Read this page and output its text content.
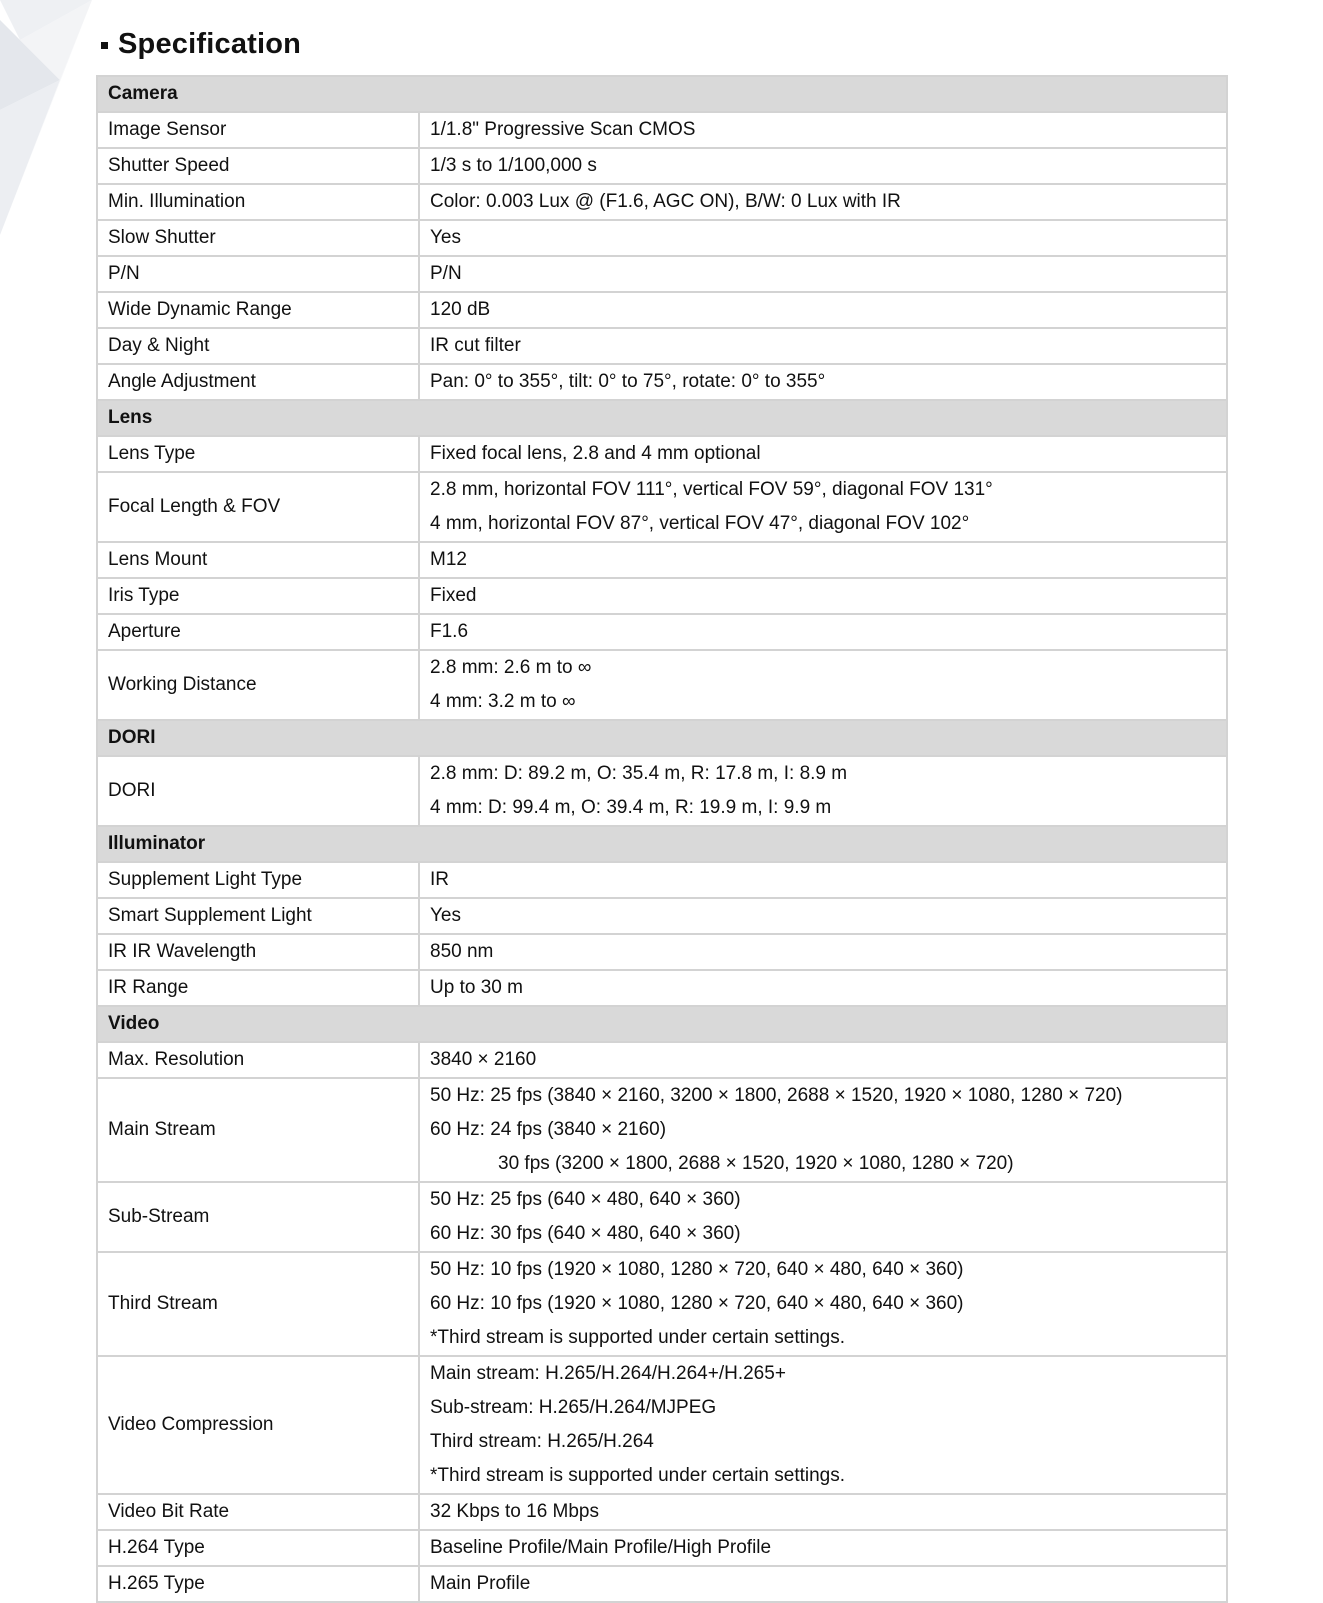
Specification
Camera	
Image Sensor	1/1.8" Progressive Scan CMOS

Shutter Speed	1/3 s to 1/100,000 s

Min. Illumination	Color: 0.003 Lux @ (F1.6, AGC ON), B/W: 0 Lux with IR

Slow Shutter	Yes

P/N	P/N

Wide Dynamic Range	120 dB

Day & Night	IR cut filter

Angle Adjustment	Pan: 0° to 355°, tilt: 0° to 75°, rotate: 0° to 355°

Lens	
Lens Type	Fixed focal lens, 2.8 and 4 mm optional

Focal Length & FOV	2.8 mm, horizontal FOV 111°, vertical FOV 59°, diagonal FOV 131°
4 mm, horizontal FOV 87°, vertical FOV 47°, diagonal FOV 102°

Lens Mount	M12

Iris Type	Fixed

Aperture	F1.6

Working Distance	2.8 mm: 2.6 m to ∞
4 mm: 3.2 m to ∞

DORI	
DORI	2.8 mm: D: 89.2 m, O: 35.4 m, R: 17.8 m, I: 8.9 m
4 mm: D: 99.4 m, O: 39.4 m, R: 19.9 m, I: 9.9 m

Illuminator	
Supplement Light Type	IR

Smart Supplement Light	Yes

IR IR Wavelength	850 nm

IR Range	Up to 30 m

Video	
Max. Resolution	3840 × 2160

Main Stream	50 Hz: 25 fps (3840 × 2160, 3200 × 1800, 2688 × 1520, 1920 × 1080, 1280 × 720)
60 Hz: 24 fps (3840 × 2160)
30 fps (3200 × 1800, 2688 × 1520, 1920 × 1080, 1280 × 720)

Sub-Stream	50 Hz: 25 fps (640 × 480, 640 × 360)
60 Hz: 30 fps (640 × 480, 640 × 360)

Third Stream	50 Hz: 10 fps (1920 × 1080, 1280 × 720, 640 × 480, 640 × 360)
60 Hz: 10 fps (1920 × 1080, 1280 × 720, 640 × 480, 640 × 360)
*Third stream is supported under certain settings.

Video Compression	Main stream: H.265/H.264/H.264+/H.265+
Sub-stream: H.265/H.264/MJPEG
Third stream: H.265/H.264
*Third stream is supported under certain settings.

Video Bit Rate	32 Kbps to 16 Mbps

H.264 Type	Baseline Profile/Main Profile/High Profile

H.265 Type	Main Profile
